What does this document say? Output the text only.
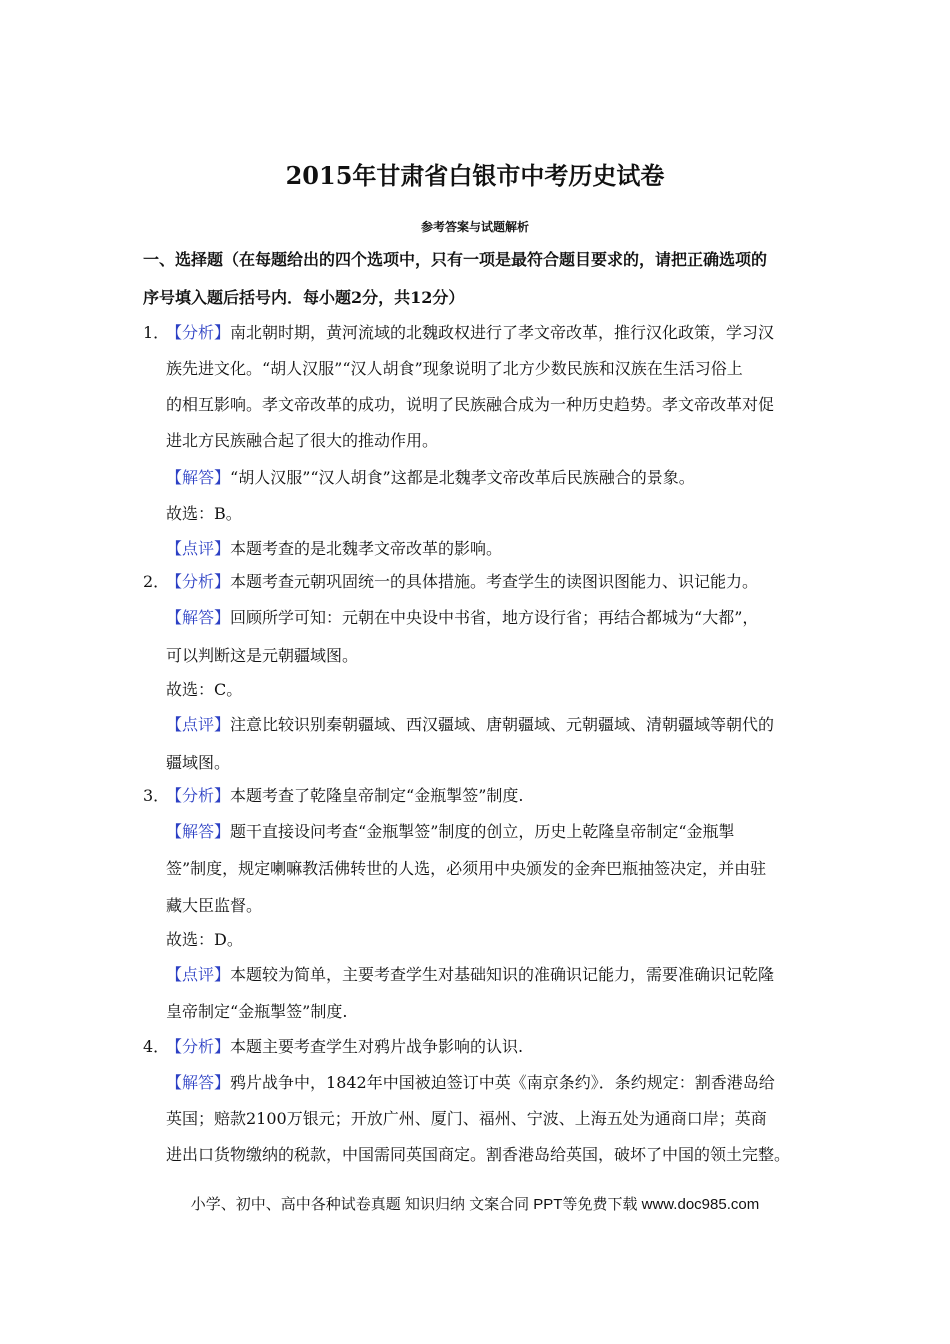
2015年甘肃省白银市中考历史试卷
参考答案与试题解析
一、选择题（在每题给出的四个选项中，只有一项是最符合题目要求的，请把正确选项的
序号填入题后括号内．每小题2分，共12分）
1．
【分析】南北朝时期，黄河流域的北魏政权进行了孝文帝改革，推行汉化政策，学习汉
族先进文化。“胡人汉服”“汉人胡食”现象说明了北方少数民族和汉族在生活习俗上
的相互影响。孝文帝改革的成功，说明了民族融合成为一种历史趋势。孝文帝改革对促
进北方民族融合起了很大的推动作用。
【解答】“胡人汉服”“汉人胡食”这都是北魏孝文帝改革后民族融合的景象。
故选：B。
【点评】本题考查的是北魏孝文帝改革的影响。
2．
【分析】本题考查元朝巩固统一的具体措施。考查学生的读图识图能力、识记能力。
【解答】回顾所学可知：元朝在中央设中书省，地方设行省；再结合都城为“大都”，
可以判断这是元朝疆域图。
故选：C。
【点评】注意比较识别秦朝疆域、西汉疆域、唐朝疆域、元朝疆域、清朝疆域等朝代的
疆域图。
3．
【分析】本题考查了乾隆皇帝制定“金瓶掣签”制度.
【解答】题干直接设问考查“金瓶掣签”制度的创立，历史上乾隆皇帝制定“金瓶掣
签”制度，规定喇嘛教活佛转世的人选，必须用中央颁发的金奔巴瓶抽签决定，并由驻
藏大臣监督。
故选：D。
【点评】本题较为简单，主要考查学生对基础知识的准确识记能力，需要准确识记乾隆
皇帝制定“金瓶掣签”制度.
4．
【分析】本题主要考查学生对鸦片战争影响的认识.
【解答】鸦片战争中，1842年中国被迫签订中英《南京条约》．条约规定：割香港岛给
英国；赔款2100万银元；开放广州、厦门、福州、宁波、上海五处为通商口岸；英商
进出口货物缴纳的税款，中国需同英国商定。割香港岛给英国，破坏了中国的领土完整。
小学、初中、高中各种试卷真题 知识归纳 文案合同 PPT等免费下载 www.doc985.com
